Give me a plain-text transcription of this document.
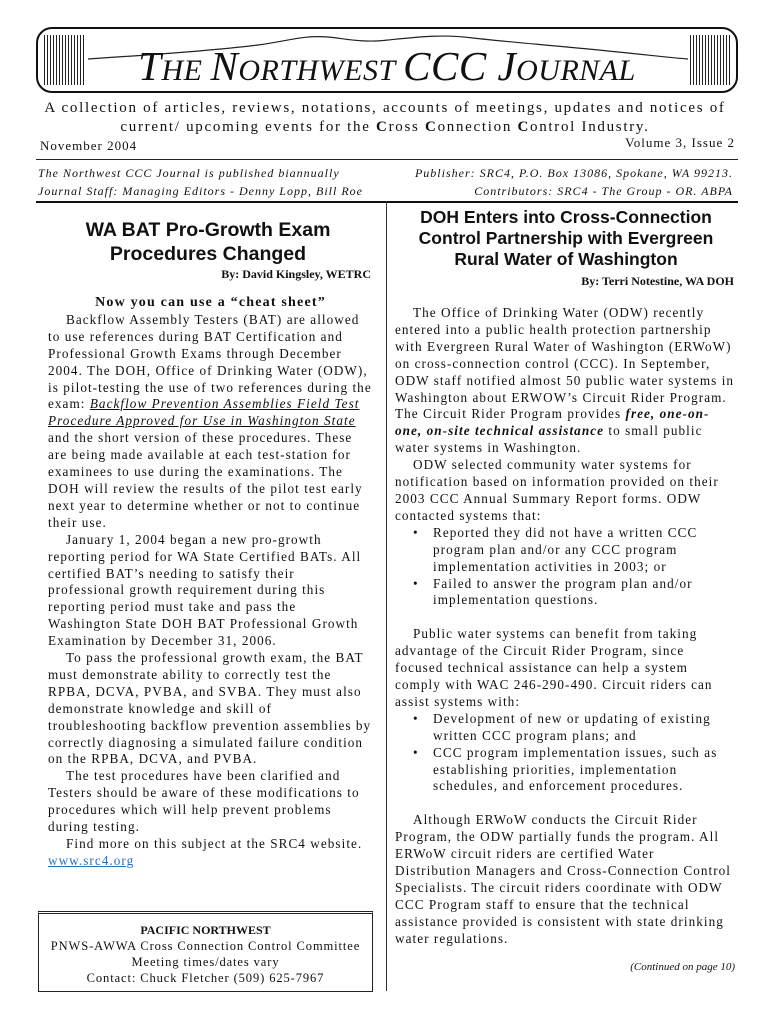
THE NORTHWEST CCC JOURNAL
A collection of articles, reviews, notations, accounts of meetings, updates and notices of
current/ upcoming events for the Cross Connection Control Industry.
November 2004	Volume 3, Issue 2
The Northwest CCC Journal is published biannually
Journal Staff: Managing Editors - Denny Lopp, Bill Roe
Publisher: SRC4, P.O. Box 13086, Spokane, WA 99213.
Contributors: SRC4 - The Group - OR. ABPA
WA BAT Pro-Growth Exam
Procedures Changed
By: David Kingsley, WETRC

Now you can use a “cheat sheet”

Backflow Assembly Testers (BAT) are allowed to use references during BAT Certification and Professional Growth Exams through December 2004. The DOH, Office of Drinking Water (ODW), is pilot-testing the use of two references during the exam: Backflow Prevention Assemblies Field Test Procedure Approved for Use in Washington State and the short version of these procedures. These are being made available at each test-station for examinees to use during the examinations. The DOH will review the results of the pilot test early next year to determine whether or not to continue their use.

January 1, 2004 began a new pro-growth reporting period for WA State Certified BATs. All certified BAT’s needing to satisfy their professional growth requirement during this reporting period must take and pass the Washington State DOH BAT Professional Growth Examination by December 31, 2006.

To pass the professional growth exam, the BAT must demonstrate ability to correctly test the RPBA, DCVA, PVBA, and SVBA. They must also demonstrate knowledge and skill of troubleshooting backflow prevention assemblies by correctly diagnosing a simulated failure condition on the RPBA, DCVA, and PVBA.

The test procedures have been clarified and Testers should be aware of these modifications to procedures which will help prevent problems during testing.

Find more on this subject at the SRC4 website. www.src4.org

PACIFIC NORTHWEST
PNWS-AWWA Cross Connection Control Committee
Meeting times/dates vary
Contact: Chuck Fletcher (509) 625-7967
DOH Enters into Cross-Connection
Control Partnership with Evergreen
Rural Water of Washington
By: Terri Notestine, WA DOH

The Office of Drinking Water (ODW) recently entered into a public health protection partnership with Evergreen Rural Water of Washington (ERWoW) on cross-connection control (CCC). In September, ODW staff notified almost 50 public water systems in Washington about ERWOW’s Circuit Rider Program. The Circuit Rider Program provides free, one-on-one, on-site technical assistance to small public water systems in Washington.

ODW selected community water systems for notification based on information provided on their 2003 CCC Annual Summary Report forms. ODW contacted systems that:

• Reported they did not have a written CCC program plan and/or any CCC program implementation activities in 2003; or
• Failed to answer the program plan and/or implementation questions.

Public water systems can benefit from taking advantage of the Circuit Rider Program, since focused technical assistance can help a system comply with WAC 246-290-490. Circuit riders can assist systems with:

• Development of new or updating of existing written CCC program plans; and
• CCC program implementation issues, such as establishing priorities, implementation schedules, and enforcement procedures.

Although ERWoW conducts the Circuit Rider Program, the ODW partially funds the program. All ERWoW circuit riders are certified Water Distribution Managers and Cross-Connection Control Specialists. The circuit riders coordinate with ODW CCC Program staff to ensure that the technical assistance provided is consistent with state drinking water regulations.

(Continued on page 10)
